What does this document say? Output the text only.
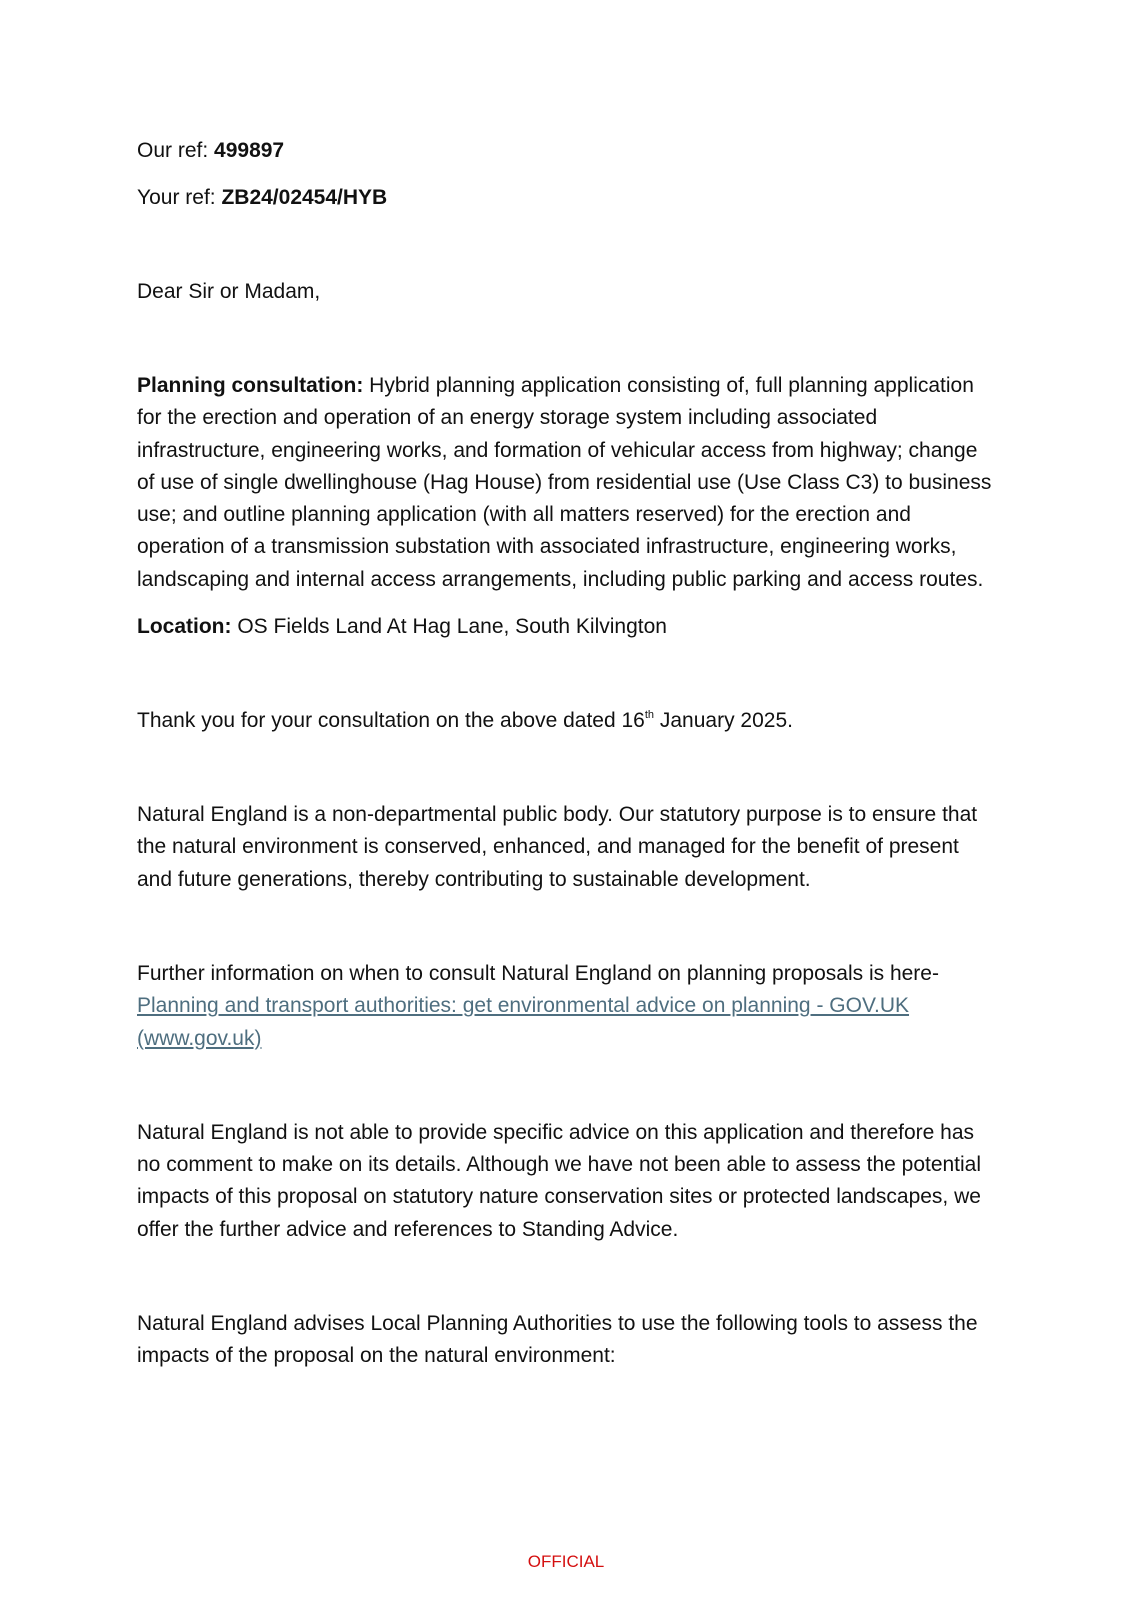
Our ref: 499897

Your ref: ZB24/02454/HYB

Dear Sir or Madam,

Planning consultation: Hybrid planning application consisting of, full planning application for the erection and operation of an energy storage system including associated infrastructure, engineering works, and formation of vehicular access from highway; change of use of single dwellinghouse (Hag House) from residential use (Use Class C3) to business use; and outline planning application (with all matters reserved) for the erection and operation of a transmission substation with associated infrastructure, engineering works, landscaping and internal access arrangements, including public parking and access routes.

Location: OS Fields Land At Hag Lane, South Kilvington

Thank you for your consultation on the above dated 16th January 2025.

Natural England is a non-departmental public body. Our statutory purpose is to ensure that the natural environment is conserved, enhanced, and managed for the benefit of present and future generations, thereby contributing to sustainable development.

Further information on when to consult Natural England on planning proposals is here-
Planning and transport authorities: get environmental advice on planning - GOV.UK (www.gov.uk)

Natural England is not able to provide specific advice on this application and therefore has no comment to make on its details. Although we have not been able to assess the potential impacts of this proposal on statutory nature conservation sites or protected landscapes, we offer the further advice and references to Standing Advice.

Natural England advises Local Planning Authorities to use the following tools to assess the impacts of the proposal on the natural environment:

OFFICIAL
